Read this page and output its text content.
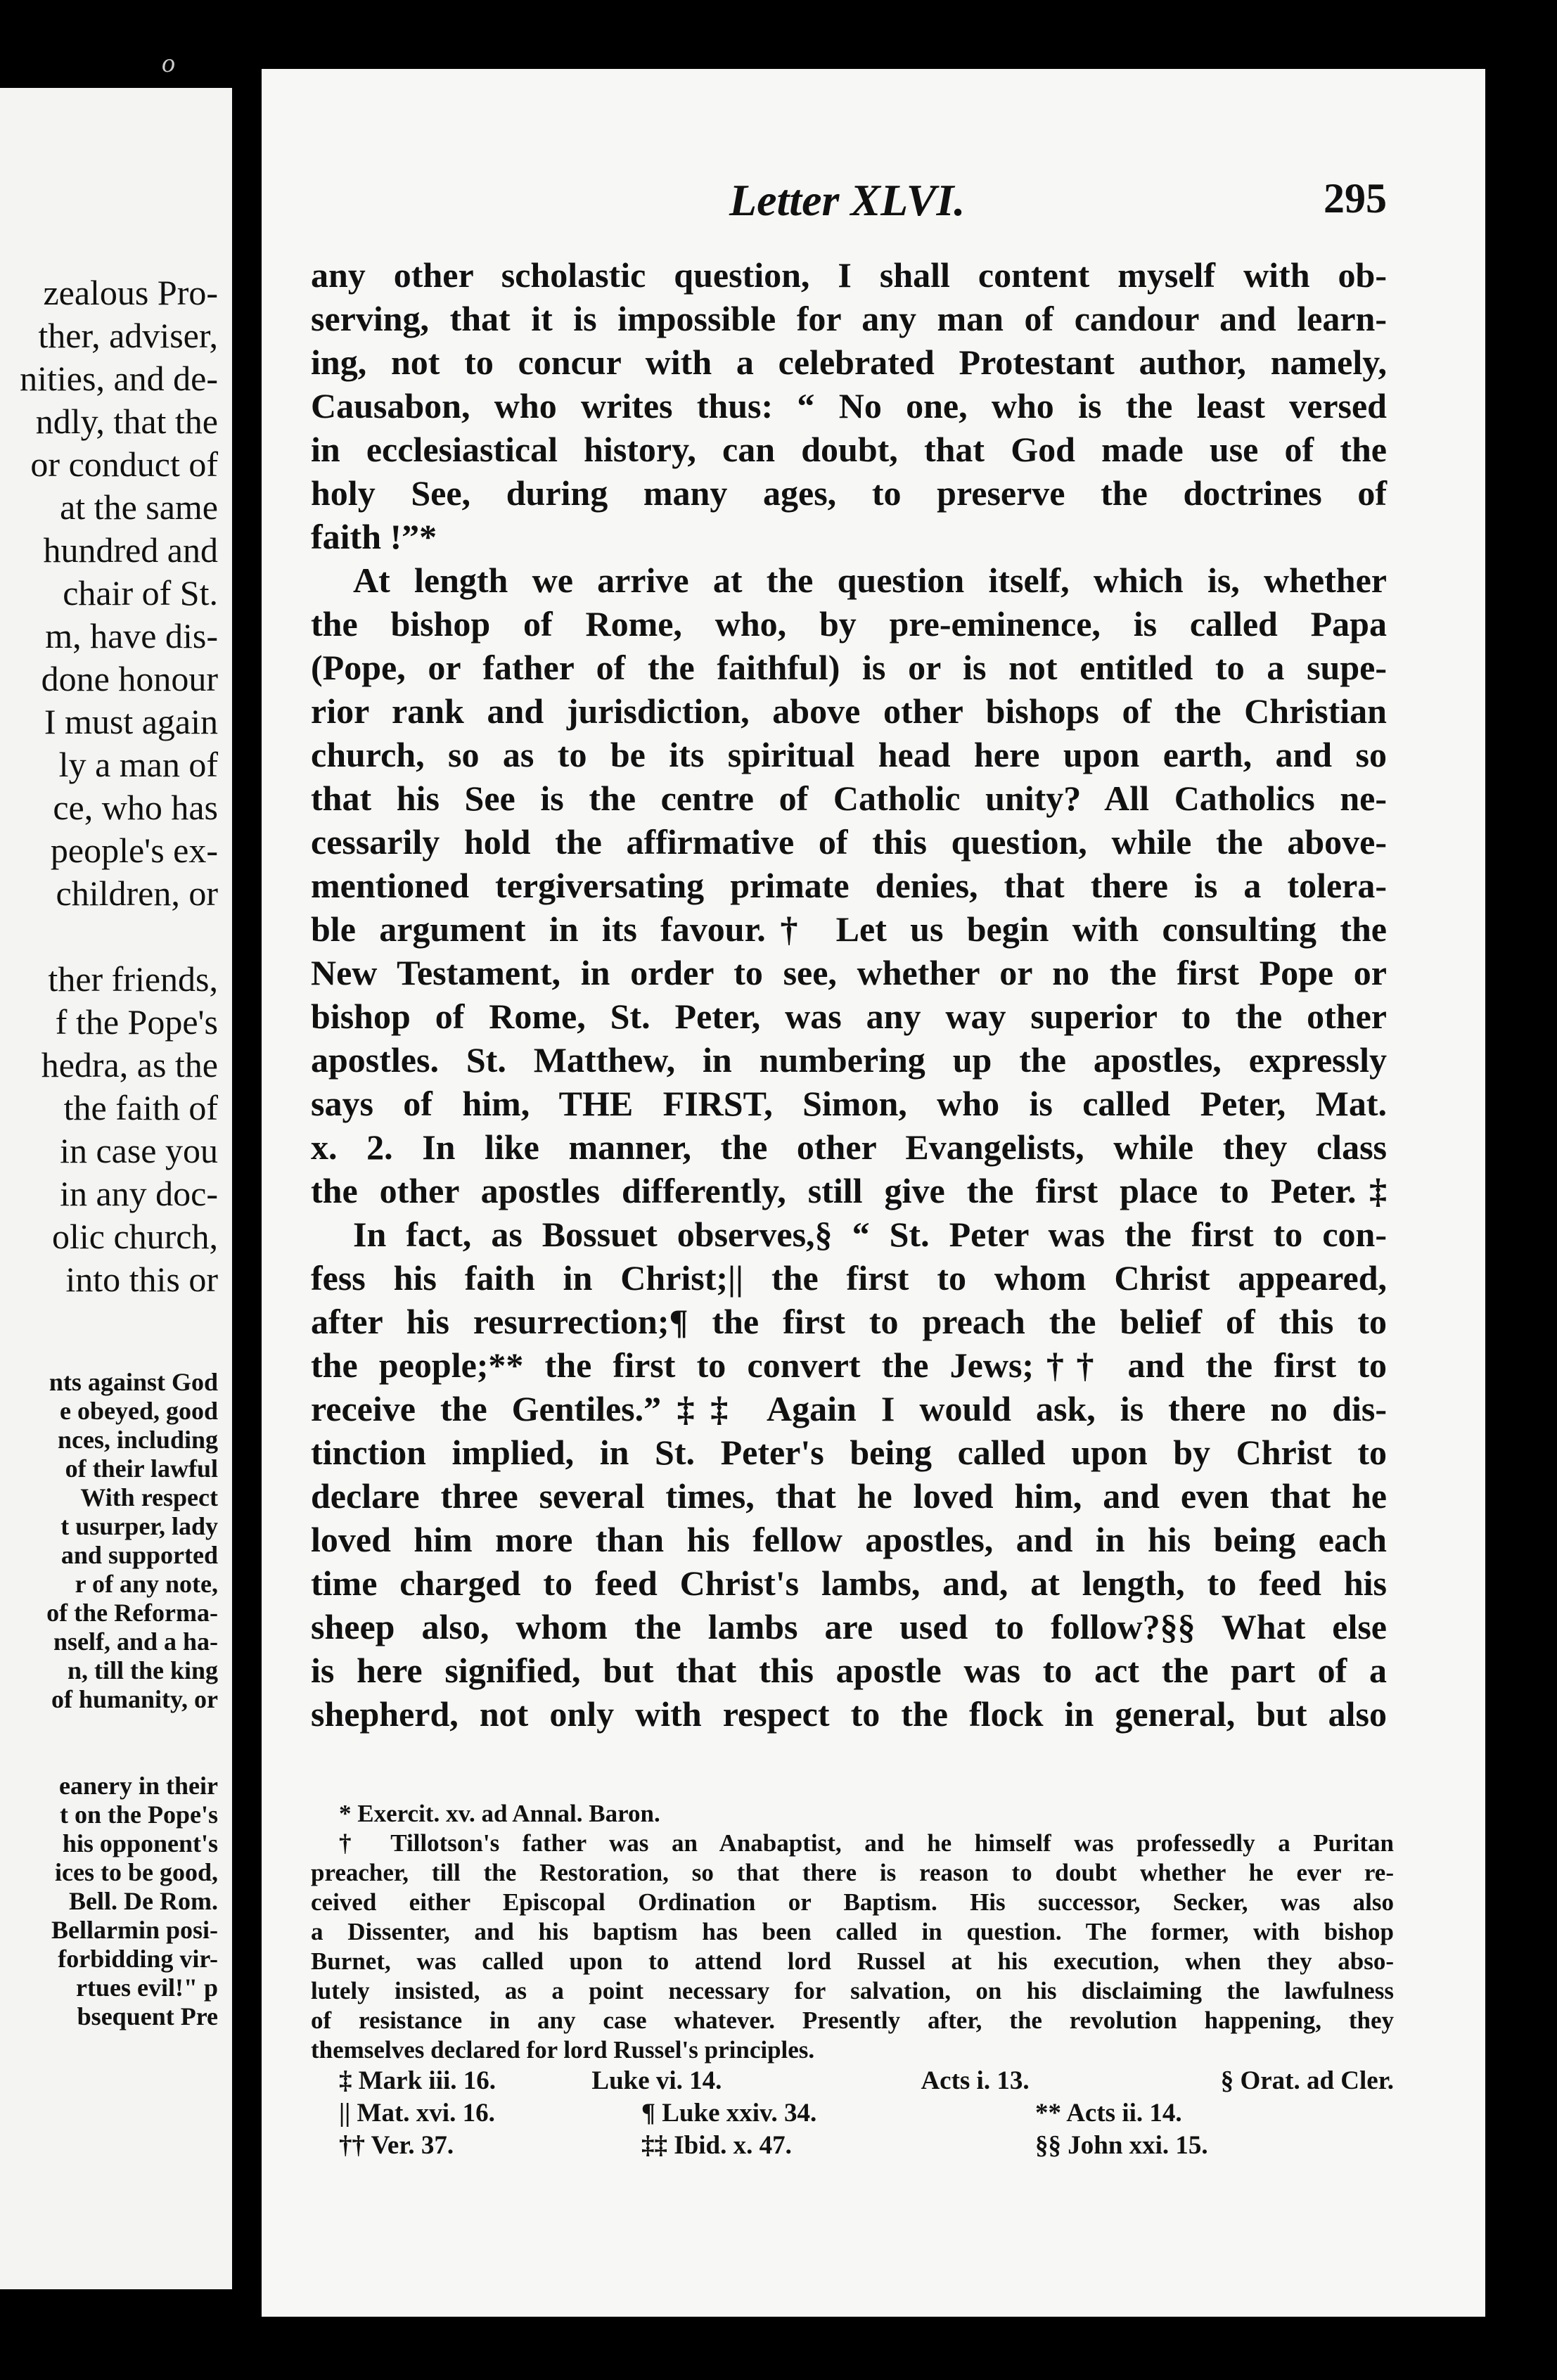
o
zealous Pro-
ther, adviser,
nities, and de-
ndly, that the
or conduct of
at the same
hundred and
chair of St.
m, have dis-
done honour
I must again
ly a man of
ce, who has
people's ex-
children, or
ther friends,
f the Pope's
hedra, as the
the faith of
in case you
in any doc-
olic church,
into this or
nts against God
e obeyed, good
nces, including
of their lawful
With respect
t usurper, lady
and supported
r of any note,
of the Reforma-
nself, and a ha-
n, till the king
of humanity, or
eanery in their
t on the Pope's
his opponent's
ices to be good,
Bell. De Rom.
Bellarmin posi-
forbidding vir-
rtues evil!" p
bsequent Pre
Letter XLVI.	295
any other scholastic question, I shall content myself with ob-
serving, that it is impossible for any man of candour and learn-
ing, not to concur with a celebrated Protestant author, namely,
Causabon, who writes thus: “ No one, who is the least versed
in ecclesiastical history, can doubt, that God made use of the
holy See, during many ages, to preserve the doctrines of
faith !”*
At length we arrive at the question itself, which is, whether
the bishop of Rome, who, by pre-eminence, is called Papa
(Pope, or father of the faithful) is or is not entitled to a supe-
rior rank and jurisdiction, above other bishops of the Christian
church, so as to be its spiritual head here upon earth, and so
that his See is the centre of Catholic unity? All Catholics ne-
cessarily hold the affirmative of this question, while the above-
mentioned tergiversating primate denies, that there is a tolera-
ble argument in its favour.† Let us begin with consulting the
New Testament, in order to see, whether or no the first Pope or
bishop of Rome, St. Peter, was any way superior to the other
apostles. St. Matthew, in numbering up the apostles, expressly
says of him, THE FIRST, Simon, who is called Peter, Mat.
x. 2. In like manner, the other Evangelists, while they class
the other apostles differently, still give the first place to Peter.‡
In fact, as Bossuet observes,§ “ St. Peter was the first to con-
fess his faith in Christ;|| the first to whom Christ appeared,
after his resurrection;¶ the first to preach the belief of this to
the people;** the first to convert the Jews;†† and the first to
receive the Gentiles.”‡‡ Again I would ask, is there no dis-
tinction implied, in St. Peter's being called upon by Christ to
declare three several times, that he loved him, and even that he
loved him more than his fellow apostles, and in his being each
time charged to feed Christ's lambs, and, at length, to feed his
sheep also, whom the lambs are used to follow?§§ What else
is here signified, but that this apostle was to act the part of a
shepherd, not only with respect to the flock in general, but also
* Exercit. xv. ad Annal. Baron.
† Tillotson's father was an Anabaptist, and he himself was professedly a Puritan
preacher, till the Restoration, so that there is reason to doubt whether he ever re-
ceived either Episcopal Ordination or Baptism. His successor, Secker, was also
a Dissenter, and his baptism has been called in question. The former, with bishop
Burnet, was called upon to attend lord Russel at his execution, when they abso-
lutely insisted, as a point necessary for salvation, on his disclaiming the lawfulness
of resistance in any case whatever. Presently after, the revolution happening, they
themselves declared for lord Russel's principles.
‡ Mark iii. 16.	Luke vi. 14.	Acts i. 13.	§ Orat. ad Cler.
|| Mat. xvi. 16.	¶ Luke xxiv. 34.	** Acts ii. 14.
†† Ver. 37.	‡‡ Ibid. x. 47.	§§ John xxi. 15.
